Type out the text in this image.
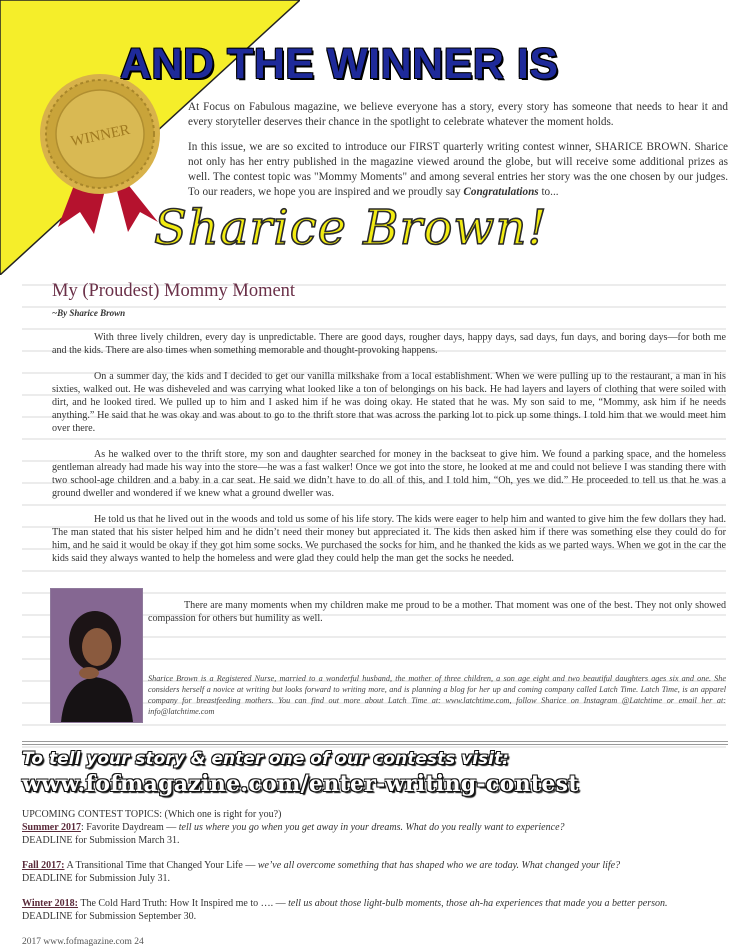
WINNER
AND THE WINNER IS

At Focus on Fabulous magazine, we believe everyone has a story, every story has someone that needs to hear it and every storyteller deserves their chance in the spotlight to celebrate whatever the moment holds.

In this issue, we are so excited to introduce our FIRST quarterly writing contest winner, SHARICE BROWN. Sharice not only has her entry published in the magazine viewed around the globe, but will receive some additional prizes as well. The contest topic was "Mommy Moments" and among several entries her story was the one chosen by our judges. To our readers, we hope you are inspired and we proudly say Congratulations to...

Sharice Brown!
My (Proudest) Mommy Moment
~By Sharice Brown

With three lively children, every day is unpredictable. There are good days, rougher days, happy days, sad days, fun days, and boring days—for both me and the kids. There are also times when something memorable and thought-provoking happens.

On a summer day, the kids and I decided to get our vanilla milkshake from a local establishment. When we were pulling up to the restaurant, a man in his sixties, walked out. He was disheveled and was carrying what looked like a ton of belongings on his back. He had layers and layers of clothing that were soiled with dirt, and he looked tired. We pulled up to him and I asked him if he was doing okay. He stated that he was. My son said to me, “Mommy, ask him if he needs anything.” He said that he was okay and was about to go to the thrift store that was across the parking lot to pick up some things. I told him that we would meet him over there.

As he walked over to the thrift store, my son and daughter searched for money in the backseat to give him. We found a parking space, and the homeless gentleman already had made his way into the store—he was a fast walker! Once we got into the store, he looked at me and could not believe I was standing there with two school-age children and a baby in a car seat. He said we didn’t have to do all of this, and I told him, “Oh, yes we did.” He proceeded to tell us that he was a ground dweller and wondered if we knew what a ground dweller was.

He told us that he lived out in the woods and told us some of his life story. The kids were eager to help him and wanted to give him the few dollars they had. The man stated that his sister helped him and he didn’t need their money but appreciated it. The kids then asked him if there was something else they could do for him, and he said it would be okay if they got him some socks. We purchased the socks for him, and he thanked the kids as we parted ways. When we got in the car the kids said they always wanted to help the homeless and were glad they could help the man get the socks he needed.

There are many moments when my children make me proud to be a mother. That moment was one of the best. They not only showed compassion for others but humility as well.
Sharice Brown is a Registered Nurse, married to a wonderful husband, the mother of three children, a son age eight and two beautiful daughters ages six and one. She considers herself a novice at writing but looks forward to writing more, and is planning a blog for her up and coming company called Latch Time. Latch Time, is an apparel company for breastfeeding mothers. You can find out more about Latch Time at: www.latchtime.com, follow Sharice on Instagram @Latchtime or email her at: info@latchtime.com
To tell your story & enter one of our contests visit:
www.fofmagazine.com/enter-writing-contest

UPCOMING CONTEST TOPICS: (Which one is right for you?)

Summer 2017: Favorite Daydream — tell us where you go when you get away in your dreams. What do you really want to experience?

DEADLINE for Submission March 31.

Fall 2017: A Transitional Time that Changed Your Life — we’ve all overcome something that has shaped who we are today. What changed your life?

DEADLINE for Submission July 31.

Winter 2018: The Cold Hard Truth: How It Inspired me to …. — tell us about those light-bulb moments, those ah-ha experiences that made you a better person.

DEADLINE for Submission September 30.

2017 www.fofmagazine.com 24
